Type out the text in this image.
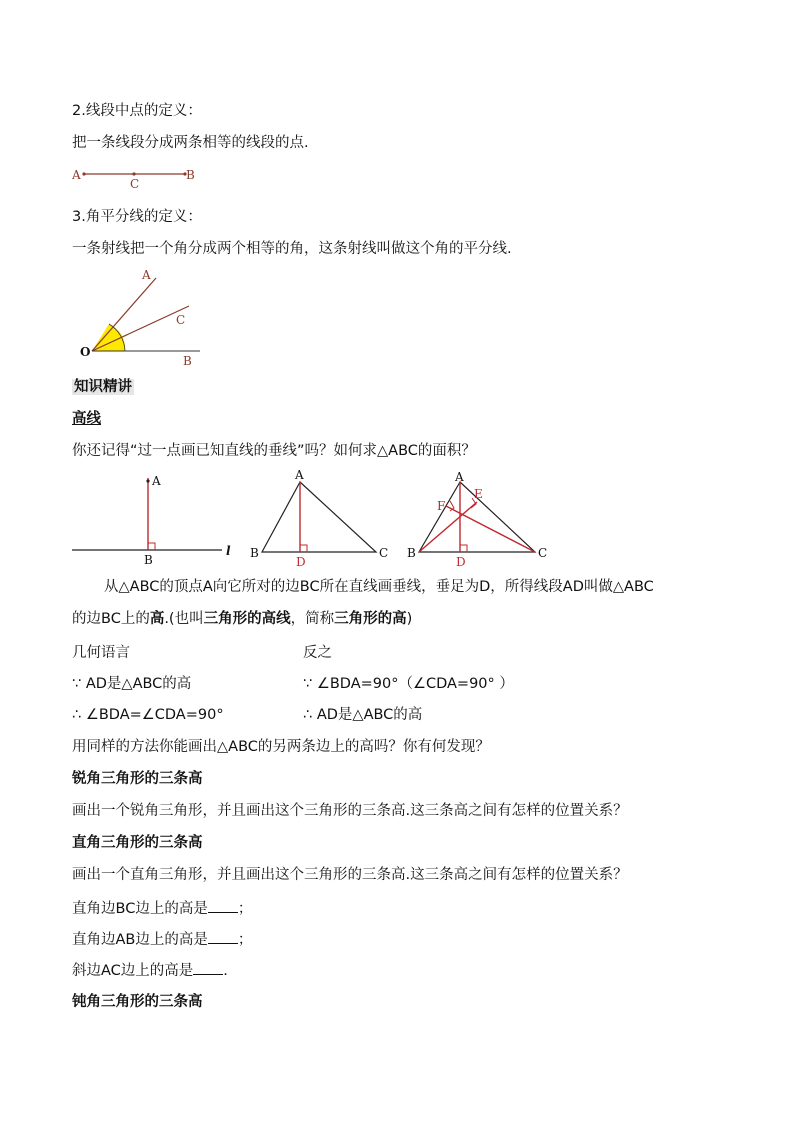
2.线段中点的定义：
把一条线段分成两条相等的线段的点.
A
C
B
3.角平分线的定义：
一条射线把一个角分成两个相等的角，这条射线叫做这个角的平分线.
A
C
O
B
知识精讲
高线
你还记得“过一点画已知直线的垂线”吗？如何求△ABC的面积？
A
B
l
A
B	C
D
A
B	C
D
E
F
从△ABC的顶点A向它所对的边BC所在直线画垂线，垂足为D，所得线段AD叫做△ABC
的边BC上的高.(也叫三角形的高线，简称三角形的高)
几何语言	反之
∵ AD是△ABC的高	∵ ∠BDA=90°（∠CDA=90° ）
∴ ∠BDA=∠CDA=90°	∴ AD是△ABC的高
用同样的方法你能画出△ABC的另两条边上的高吗？你有何发现？
锐角三角形的三条高
画出一个锐角三角形，并且画出这个三角形的三条高.这三条高之间有怎样的位置关系？
直角三角形的三条高
画出一个直角三角形，并且画出这个三角形的三条高.这三条高之间有怎样的位置关系？
直角边BC边上的高是 ；
直角边AB边上的高是 ；
斜边AC边上的高是 .
钝角三角形的三条高
